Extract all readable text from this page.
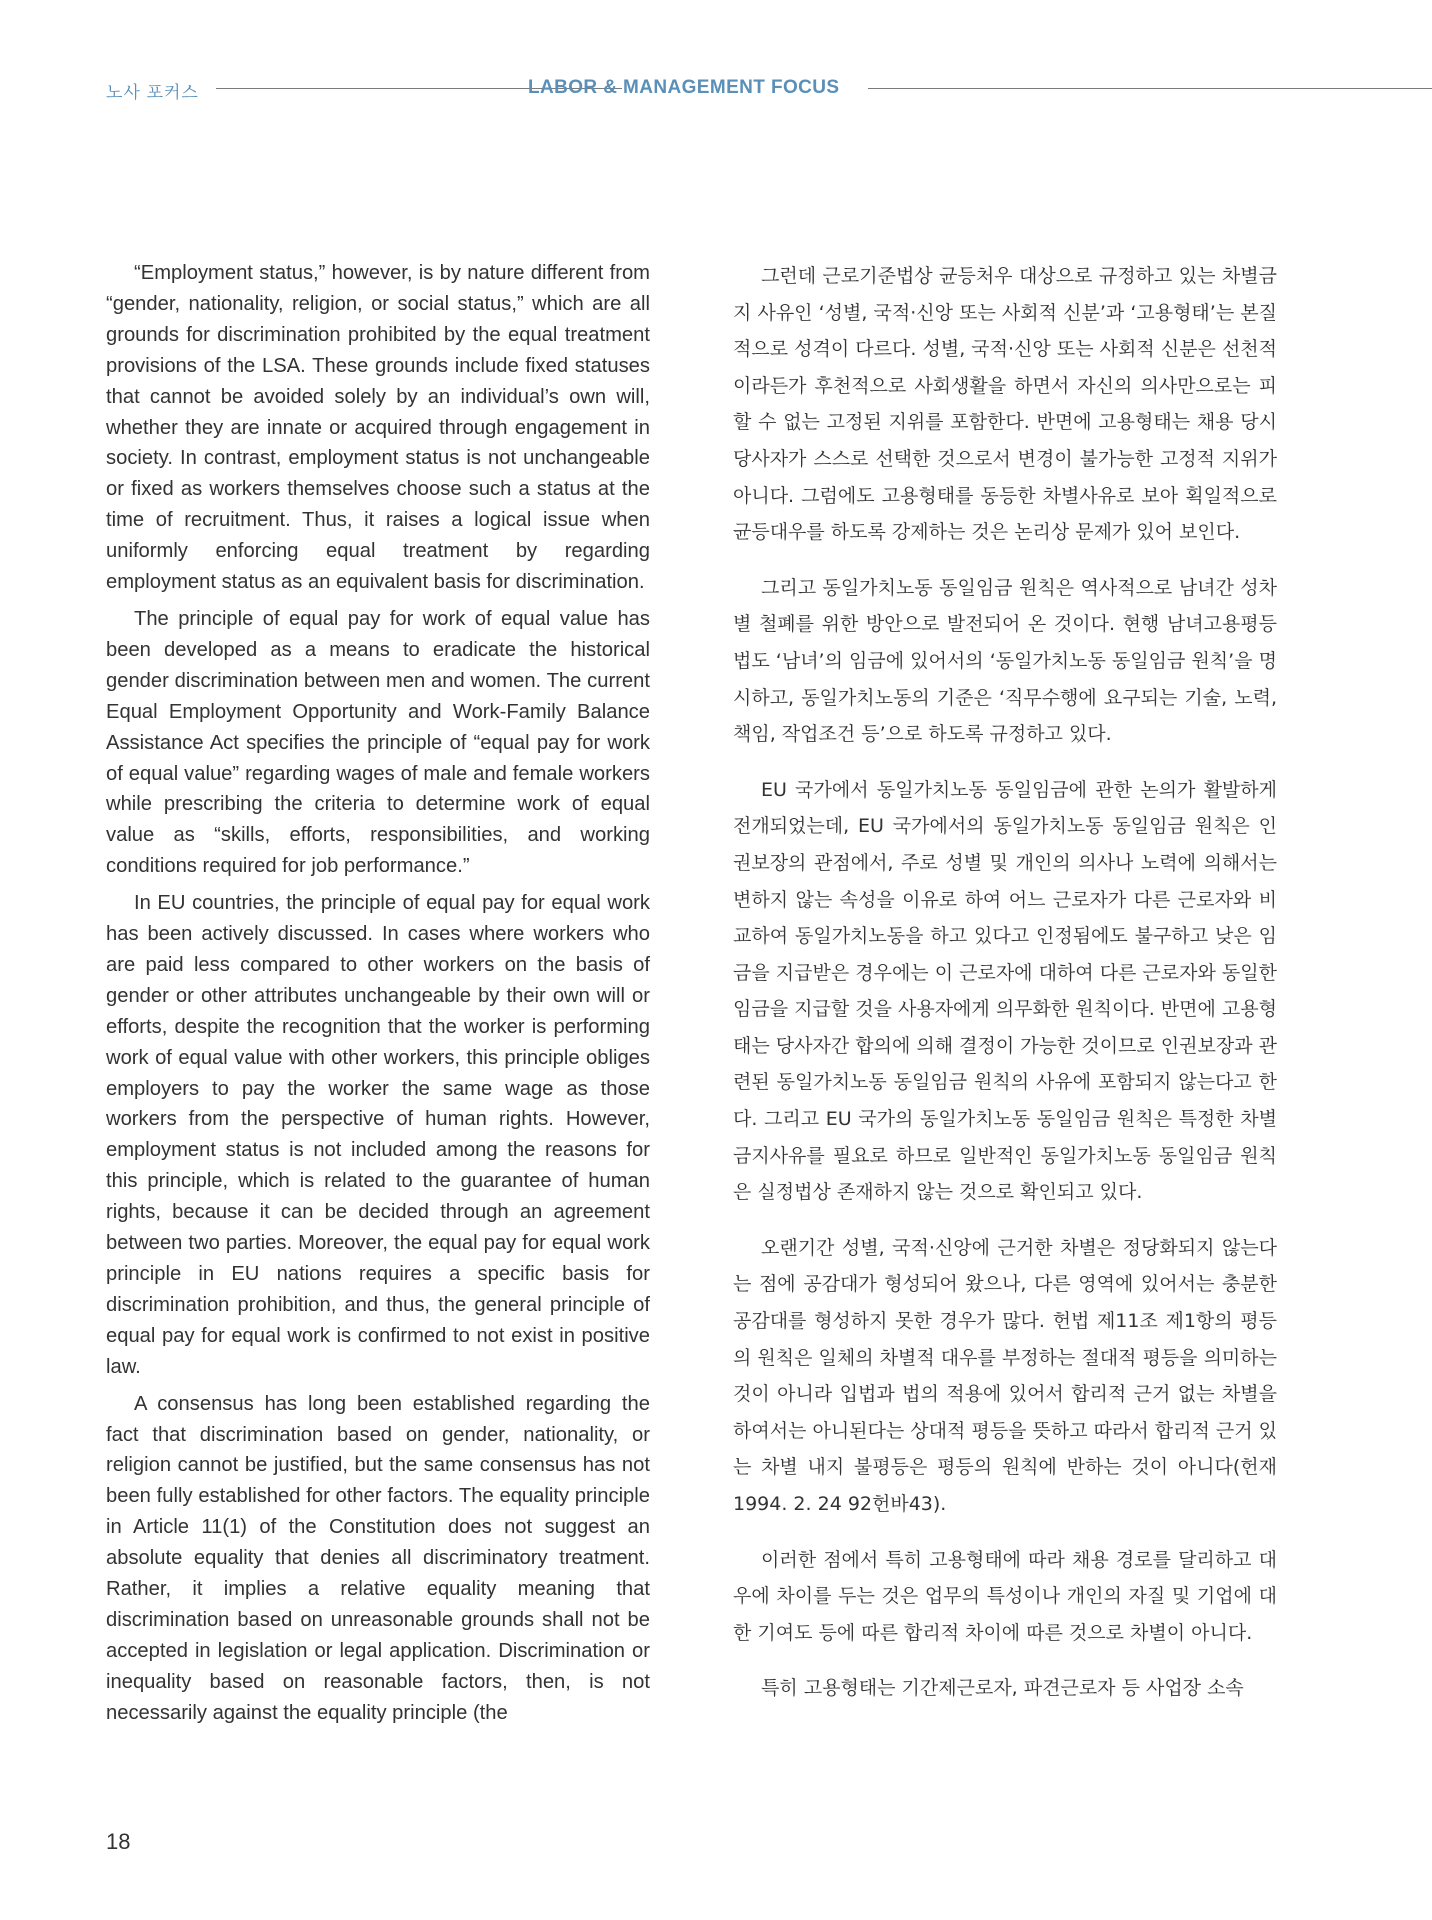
노사 포커스	LABOR & MANAGEMENT FOCUS

“Employment status,” however, is by nature different from “gender, nationality, religion, or social status,” which are all grounds for discrimination prohibited by the equal treatment provisions of the LSA. These grounds include fixed statuses that cannot be avoided solely by an individual’s own will, whether they are innate or acquired through engagement in society. In contrast, employment status is not unchangeable or fixed as workers themselves choose such a status at the time of recruitment. Thus, it raises a logical issue when uniformly enforcing equal treatment by regarding employment status as an equivalent basis for discrimination.

The principle of equal pay for work of equal value has been developed as a means to eradicate the historical gender discrimination between men and women. The current Equal Employment Opportunity and Work-Family Balance Assistance Act specifies the principle of “equal pay for work of equal value” regarding wages of male and female workers while prescribing the criteria to determine work of equal value as “skills, efforts, responsibilities, and working conditions required for job performance.”

In EU countries, the principle of equal pay for equal work has been actively discussed. In cases where workers who are paid less compared to other workers on the basis of gender or other attributes unchangeable by their own will or efforts, despite the recognition that the worker is performing work of equal value with other workers, this principle obliges employers to pay the worker the same wage as those workers from the perspective of human rights. However, employment status is not included among the reasons for this principle, which is related to the guarantee of human rights, because it can be decided through an agreement between two parties. Moreover, the equal pay for equal work principle in EU nations requires a specific basis for discrimination prohibition, and thus, the general principle of equal pay for equal work is confirmed to not exist in positive law.

A consensus has long been established regarding the fact that discrimination based on gender, nationality, or religion cannot be justified, but the same consensus has not been fully established for other factors. The equality principle in Article 11(1) of the Constitution does not suggest an absolute equality that denies all discriminatory treatment. Rather, it implies a relative equality meaning that discrimination based on unreasonable grounds shall not be accepted in legislation or legal application. Discrimination or inequality based on reasonable factors, then, is not necessarily against the equality principle (the

그런데 근로기준법상 균등처우 대상으로 규정하고 있는 차별금지 사유인 ‘성별, 국적·신앙 또는 사회적 신분’과 ‘고용형태’는 본질적으로 성격이 다르다. 성별, 국적·신앙 또는 사회적 신분은 선천적이라든가 후천적으로 사회생활을 하면서 자신의 의사만으로는 피할 수 없는 고정된 지위를 포함한다. 반면에 고용형태는 채용 당시 당사자가 스스로 선택한 것으로서 변경이 불가능한 고정적 지위가 아니다. 그럼에도 고용형태를 동등한 차별사유로 보아 획일적으로 균등대우를 하도록 강제하는 것은 논리상 문제가 있어 보인다.

그리고 동일가치노동 동일임금 원칙은 역사적으로 남녀간 성차별 철폐를 위한 방안으로 발전되어 온 것이다. 현행 남녀고용평등법도 ‘남녀’의 임금에 있어서의 ‘동일가치노동 동일임금 원칙’을 명시하고, 동일가치노동의 기준은 ‘직무수행에 요구되는 기술, 노력, 책임, 작업조건 등’으로 하도록 규정하고 있다.

EU 국가에서 동일가치노동 동일임금에 관한 논의가 활발하게 전개되었는데, EU 국가에서의 동일가치노동 동일임금 원칙은 인권보장의 관점에서, 주로 성별 및 개인의 의사나 노력에 의해서는 변하지 않는 속성을 이유로 하여 어느 근로자가 다른 근로자와 비교하여 동일가치노동을 하고 있다고 인정됨에도 불구하고 낮은 임금을 지급받은 경우에는 이 근로자에 대하여 다른 근로자와 동일한 임금을 지급할 것을 사용자에게 의무화한 원칙이다. 반면에 고용형태는 당사자간 합의에 의해 결정이 가능한 것이므로 인권보장과 관련된 동일가치노동 동일임금 원칙의 사유에 포함되지 않는다고 한다. 그리고 EU 국가의 동일가치노동 동일임금 원칙은 특정한 차별금지사유를 필요로 하므로 일반적인 동일가치노동 동일임금 원칙은 실정법상 존재하지 않는 것으로 확인되고 있다.

오랜기간 성별, 국적·신앙에 근거한 차별은 정당화되지 않는다는 점에 공감대가 형성되어 왔으나, 다른 영역에 있어서는 충분한 공감대를 형성하지 못한 경우가 많다. 헌법 제11조 제1항의 평등의 원칙은 일체의 차별적 대우를 부정하는 절대적 평등을 의미하는 것이 아니라 입법과 법의 적용에 있어서 합리적 근거 없는 차별을 하여서는 아니된다는 상대적 평등을 뜻하고 따라서 합리적 근거 있는 차별 내지 불평등은 평등의 원칙에 반하는 것이 아니다(헌재 1994. 2. 24 92헌바43).

이러한 점에서 특히 고용형태에 따라 채용 경로를 달리하고 대우에 차이를 두는 것은 업무의 특성이나 개인의 자질 및 기업에 대한 기여도 등에 따른 합리적 차이에 따른 것으로 차별이 아니다.

특히 고용형태는 기간제근로자, 파견근로자 등 사업장 소속

18
